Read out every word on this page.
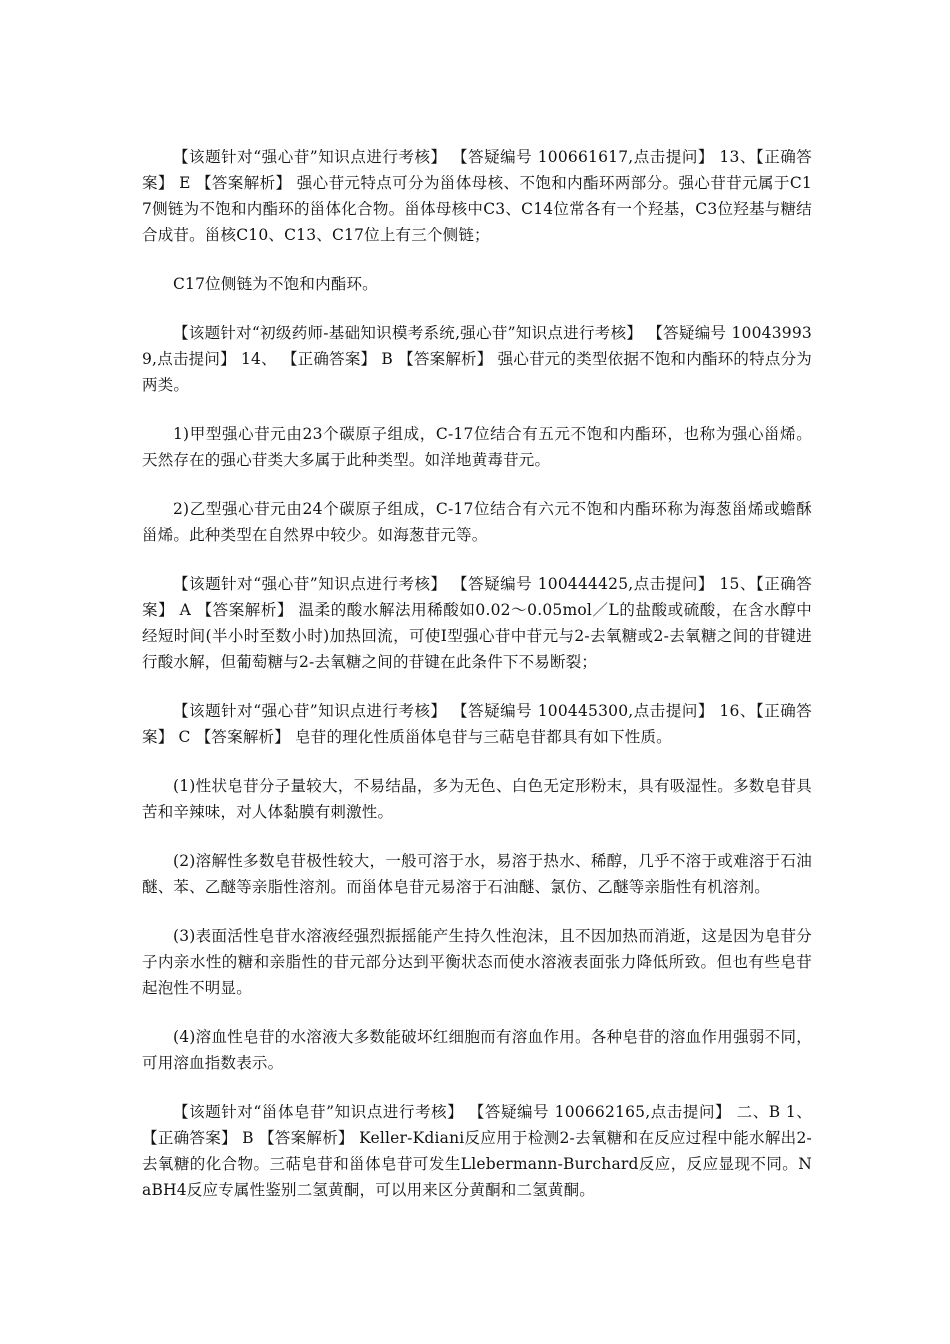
【该题针对“强心苷”知识点进行考核】 【答疑编号 100661617,点击提问】 13、【正确答案】 E 【答案解析】 强心苷元特点可分为甾体母核、不饱和内酯环两部分。强心苷苷元属于C17侧链为不饱和内酯环的甾体化合物。甾体母核中C3、C14位常各有一个羟基，C3位羟基与糖结合成苷。甾核C10、C13、C17位上有三个侧链；

C17位侧链为不饱和内酯环。

【该题针对“初级药师-基础知识模考系统,强心苷”知识点进行考核】 【答疑编号 100439939,点击提问】 14、 【正确答案】 B 【答案解析】 强心苷元的类型依据不饱和内酯环的特点分为两类。

1)甲型强心苷元由23个碳原子组成，C-17位结合有五元不饱和内酯环，也称为强心甾烯。天然存在的强心苷类大多属于此种类型。如洋地黄毒苷元。

2)乙型强心苷元由24个碳原子组成，C-17位结合有六元不饱和内酯环称为海葱甾烯或蟾酥甾烯。此种类型在自然界中较少。如海葱苷元等。

【该题针对“强心苷”知识点进行考核】 【答疑编号 100444425,点击提问】 15、【正确答案】 A 【答案解析】 温柔的酸水解法用稀酸如0.02～0.05mol／L的盐酸或硫酸，在含水醇中经短时间(半小时至数小时)加热回流，可使Ⅰ型强心苷中苷元与2-去氧糖或2-去氧糖之间的苷键进行酸水解，但葡萄糖与2-去氧糖之间的苷键在此条件下不易断裂；

【该题针对“强心苷”知识点进行考核】 【答疑编号 100445300,点击提问】 16、【正确答案】 C 【答案解析】 皂苷的理化性质甾体皂苷与三萜皂苷都具有如下性质。

(1)性状皂苷分子量较大，不易结晶，多为无色、白色无定形粉末，具有吸湿性。多数皂苷具苦和辛辣味，对人体黏膜有刺激性。

(2)溶解性多数皂苷极性较大，一般可溶于水，易溶于热水、稀醇，几乎不溶于或难溶于石油醚、苯、乙醚等亲脂性溶剂。而甾体皂苷元易溶于石油醚、氯仿、乙醚等亲脂性有机溶剂。

(3)表面活性皂苷水溶液经强烈振摇能产生持久性泡沫，且不因加热而消逝，这是因为皂苷分子内亲水性的糖和亲脂性的苷元部分达到平衡状态而使水溶液表面张力降低所致。但也有些皂苷起泡性不明显。

(4)溶血性皂苷的水溶液大多数能破坏红细胞而有溶血作用。各种皂苷的溶血作用强弱不同，可用溶血指数表示。

【该题针对“甾体皂苷”知识点进行考核】 【答疑编号 100662165,点击提问】 二、B 1、 【正确答案】 B 【答案解析】 Keller-Kdiani反应用于检测2-去氧糖和在反应过程中能水解出2-去氧糖的化合物。三萜皂苷和甾体皂苷可发生Llebermann-Burchard反应，反应显现不同。NaBH4反应专属性鉴别二氢黄酮，可以用来区分黄酮和二氢黄酮。
